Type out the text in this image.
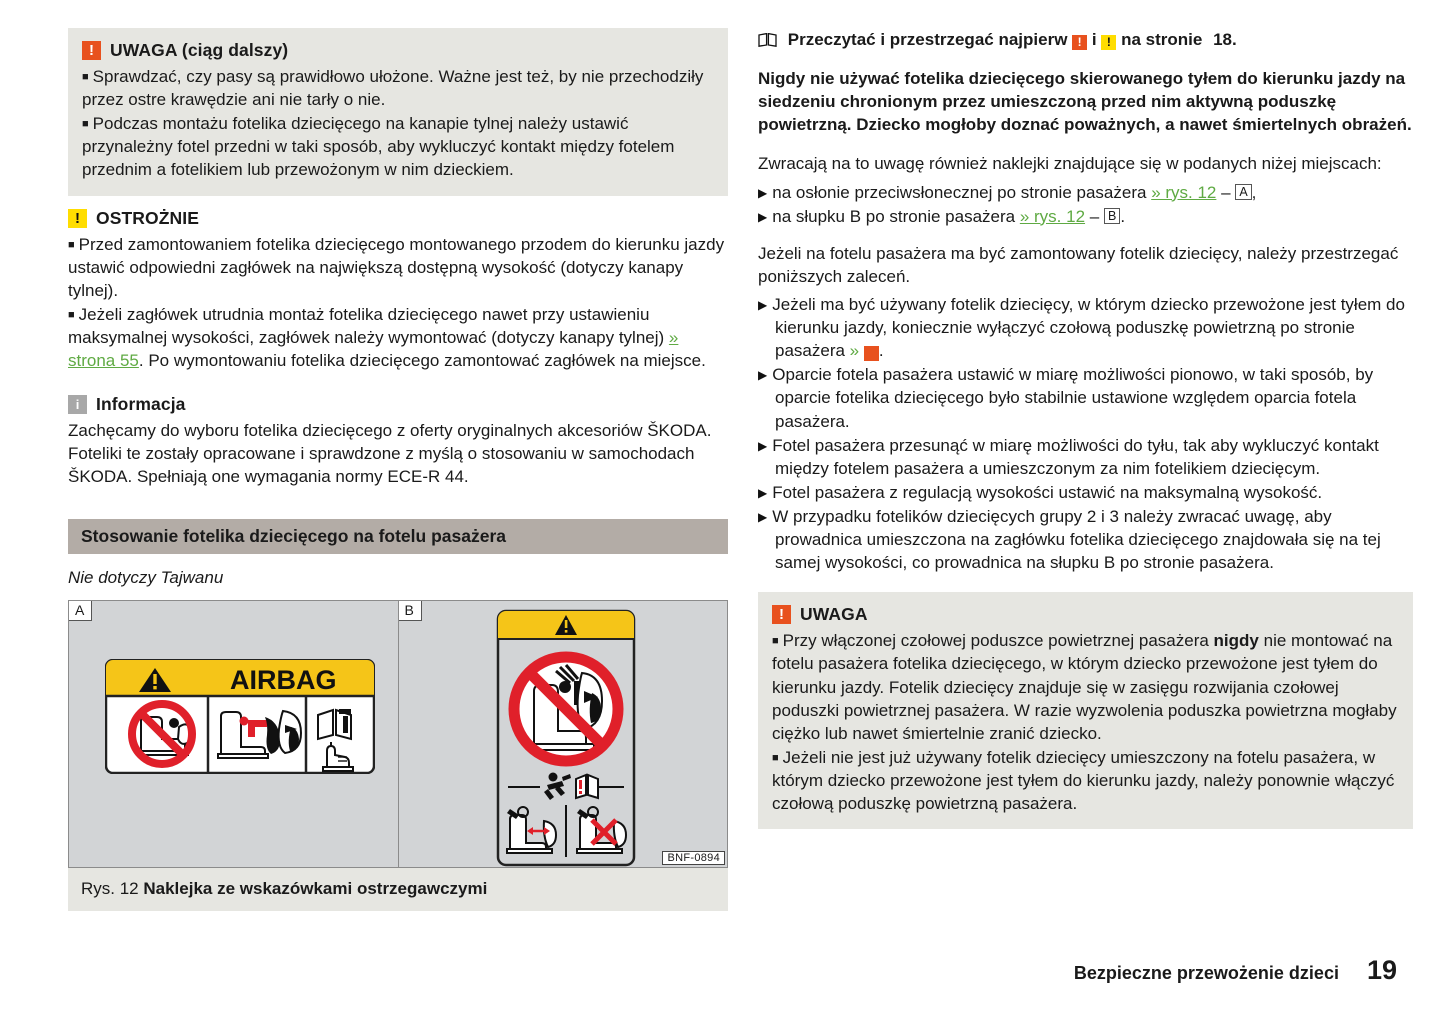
! UWAGA (ciąg dalszy)

■ Sprawdzać, czy pasy są prawidłowo ułożone. Ważne jest też, by nie przechodziły przez ostre krawędzie ani nie tarły o nie.

■ Podczas montażu fotelika dziecięcego na kanapie tylnej należy ustawić przynależny fotel przedni w taki sposób, aby wykluczyć kontakt między fotelem przednim a fotelikiem lub przewożonym w nim dzieckiem.

! OSTROŻNIE

■ Przed zamontowaniem fotelika dziecięcego montowanego przodem do kierunku jazdy ustawić odpowiedni zagłówek na największą dostępną wysokość (dotyczy kanapy tylnej).

■ Jeżeli zagłówek utrudnia montaż fotelika dziecięcego nawet przy ustawieniu maksymalnej wysokości, zagłówek należy wymontować (dotyczy kanapy tylnej) » strona 55. Po wymontowaniu fotelika dziecięcego zamontować zagłówek na miejsce.

i Informacja

Zachęcamy do wyboru fotelika dziecięcego z oferty oryginalnych akcesoriów ŠKODA. Foteliki te zostały opracowane i sprawdzone z myślą o stosowaniu w samochodach ŠKODA. Spełniają one wymagania normy ECE-R 44.

Stosowanie fotelika dziecięcego na fotelu pasażera

Nie dotyczy Tajwanu

A
AIRBAG
B
BNF-0894
Rys. 12 Naklejka ze wskazówkami ostrzegawczymi

Przeczytać i przestrzegać najpierw ! i ! na stronie 18.

Nigdy nie używać fotelika dziecięcego skierowanego tyłem do kierunku jazdy na siedzeniu chronionym przez umieszczoną przed nim aktywną poduszkę powietrzną. Dziecko mogłoby doznać poważnych, a nawet śmiertelnych obrażeń.

Zwracają na to uwagę również naklejki znajdujące się w podanych niżej miejscach:

▶ na osłonie przeciwsłonecznej po stronie pasażera » rys. 12 – A ,

▶ na słupku B po stronie pasażera » rys. 12 – B .

Jeżeli na fotelu pasażera ma być zamontowany fotelik dziecięcy, należy przestrzegać poniższych zaleceń.

▶ Jeżeli ma być używany fotelik dziecięcy, w którym dziecko przewożone jest tyłem do kierunku jazdy, koniecznie wyłączyć czołową poduszkę powietrzną po stronie pasażera » ! .

▶ Oparcie fotela pasażera ustawić w miarę możliwości pionowo, w taki sposób, by oparcie fotelika dziecięcego było stabilnie ustawione względem oparcia fotela pasażera.

▶ Fotel pasażera przesunąć w miarę możliwości do tyłu, tak aby wykluczyć kontakt między fotelem pasażera a umieszczonym za nim fotelikiem dziecięcym.

▶ Fotel pasażera z regulacją wysokości ustawić na maksymalną wysokość.

▶ W przypadku fotelików dziecięcych grupy 2 i 3 należy zwracać uwagę, aby prowadnica umieszczona na zagłówku fotelika dziecięcego znajdowała się na tej samej wysokości, co prowadnica na słupku B po stronie pasażera.

! UWAGA

■ Przy włączonej czołowej poduszce powietrznej pasażera nigdy nie montować na fotelu pasażera fotelika dziecięcego, w którym dziecko przewożone jest tyłem do kierunku jazdy. Fotelik dziecięcy znajduje się w zasięgu rozwijania czołowej poduszki powietrznej pasażera. W razie wyzwolenia poduszka powietrzna mogłaby ciężko lub nawet śmiertelnie zranić dziecko.

■ Jeżeli nie jest już używany fotelik dziecięcy umieszczony na fotelu pasażera, w którym dziecko przewożone jest tyłem do kierunku jazdy, należy ponownie włączyć czołową poduszkę powietrzną pasażera.

Bezpieczne przewożenie dzieci 19
